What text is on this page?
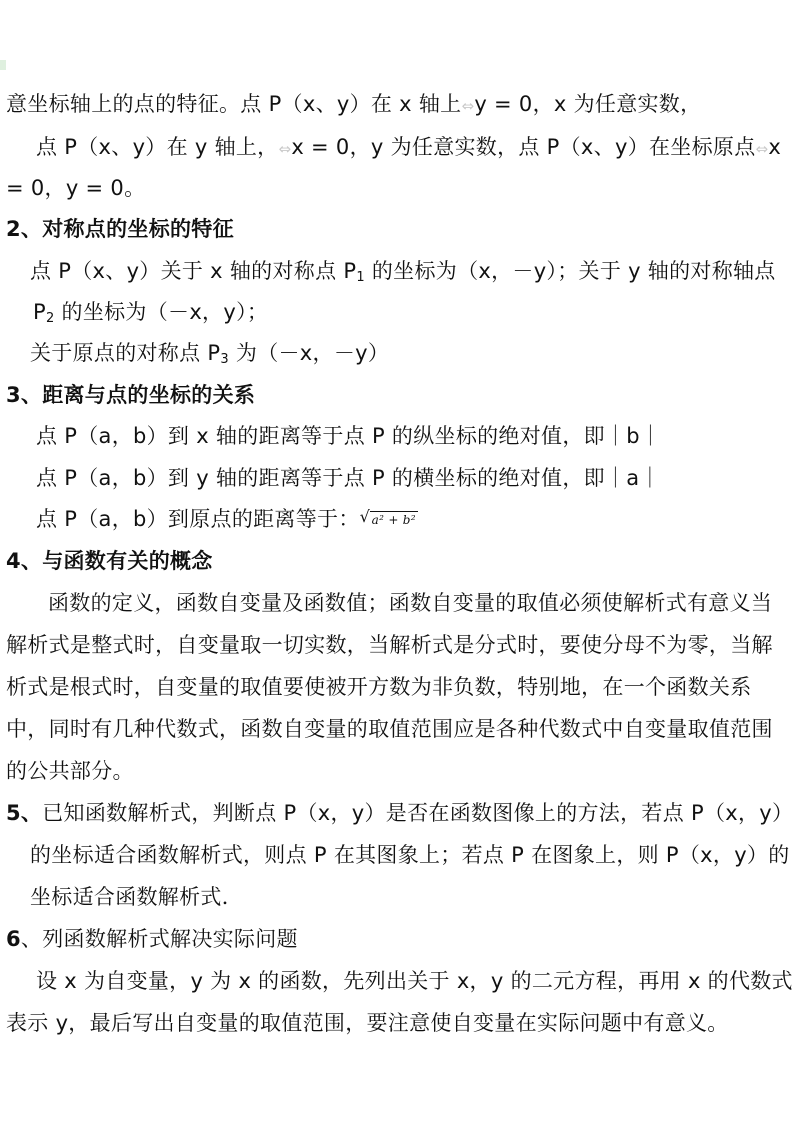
意坐标轴上的点的特征。点 P（x、y）在 x 轴上⇔y = 0，x 为任意实数，
点 P（x、y）在 y 轴上，⇔x = 0，y 为任意实数，点 P（x、y）在坐标原点⇔x
= 0，y = 0。
2、对称点的坐标的特征
点 P（x、y）关于 x 轴的对称点 $P_1$ 的坐标为（x，－y）；关于 y 轴的对称轴点
$P_2$ 的坐标为（－x，y）；
关于原点的对称点 $P_3$ 为（－x，－y）
3、距离与点的坐标的关系
点 P（a，b）到 x 轴的距离等于点 P 的纵坐标的绝对值，即｜b｜
点 P（a，b）到 y 轴的距离等于点 P 的横坐标的绝对值，即｜a｜
点 P（a，b）到原点的距离等于： √ a² + b²
4、与函数有关的概念
函数的定义，函数自变量及函数值；函数自变量的取值必须使解析式有意义当
解析式是整式时，自变量取一切实数，当解析式是分式时，要使分母不为零，当解
析式是根式时，自变量的取值要使被开方数为非负数，特别地，在一个函数关系
中，同时有几种代数式，函数自变量的取值范围应是各种代数式中自变量取值范围
的公共部分。
5、已知函数解析式，判断点 P（x，y）是否在函数图像上的方法，若点 P（x，y）
的坐标适合函数解析式，则点 P 在其图象上；若点 P 在图象上，则 P（x，y）的
坐标适合函数解析式．
6、列函数解析式解决实际问题
设 x 为自变量，y 为 x 的函数，先列出关于 x，y 的二元方程，再用 x 的代数式
表示 y，最后写出自变量的取值范围，要注意使自变量在实际问题中有意义。
